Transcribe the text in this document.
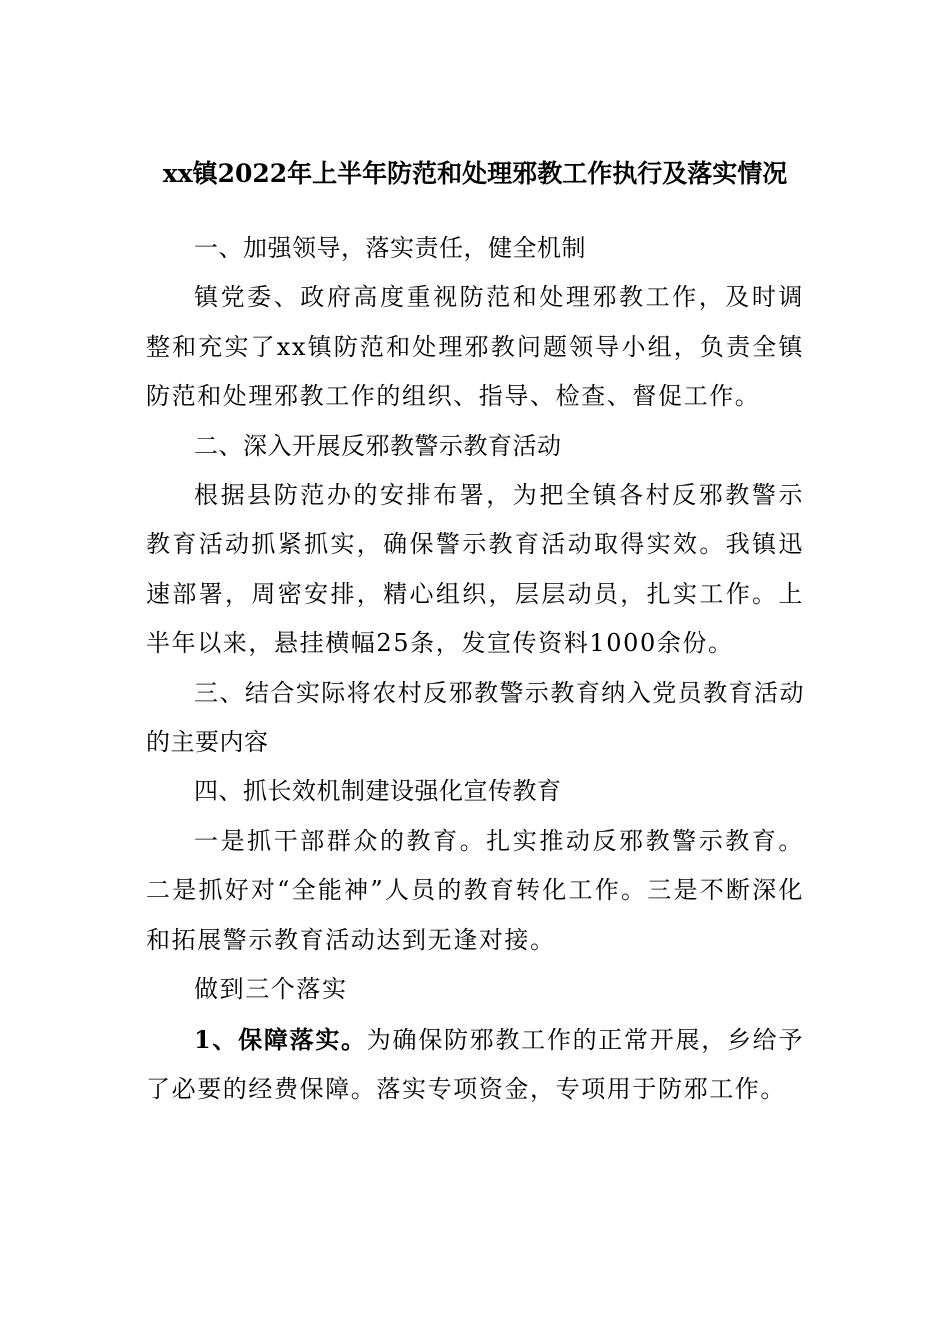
xx镇2022年上半年防范和处理邪教工作执行及落实情况

一、加强领导，落实责任，健全机制

镇党委、政府高度重视防范和处理邪教工作，及时调整和充实了xx镇防范和处理邪教问题领导小组，负责全镇防范和处理邪教工作的组织、指导、检查、督促工作。

二、深入开展反邪教警示教育活动

根据县防范办的安排布署，为把全镇各村反邪教警示教育活动抓紧抓实，确保警示教育活动取得实效。我镇迅速部署，周密安排，精心组织，层层动员，扎实工作。上半年以来，悬挂横幅25条，发宣传资料1000余份。

三、结合实际将农村反邪教警示教育纳入党员教育活动的主要内容

四、抓长效机制建设强化宣传教育

一是抓干部群众的教育。扎实推动反邪教警示教育。二是抓好对“全能神”人员的教育转化工作。三是不断深化和拓展警示教育活动达到无逢对接。

做到三个落实

1、保障落实。为确保防邪教工作的正常开展，乡给予了必要的经费保障。落实专项资金，专项用于防邪工作。
